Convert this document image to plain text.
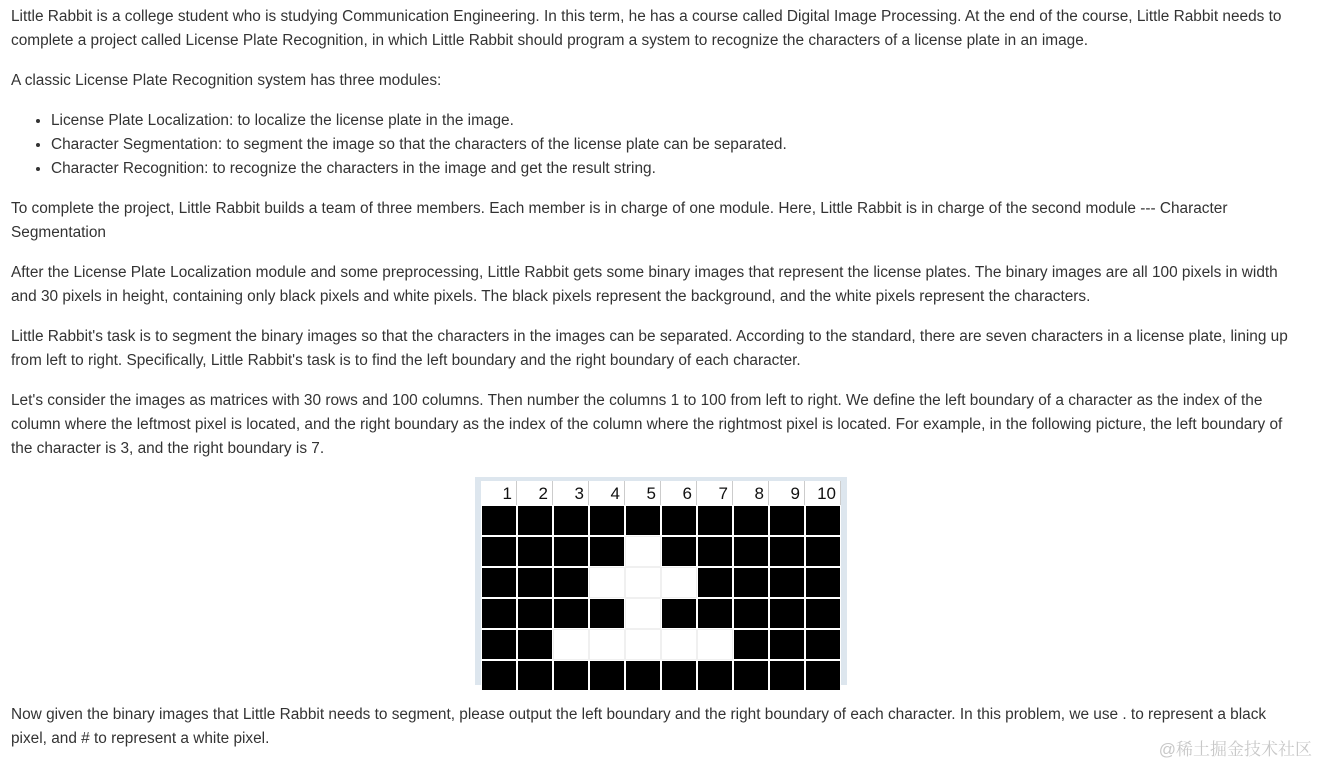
Little Rabbit is a college student who is studying Communication Engineering. In this term, he has a course called Digital Image Processing. At the end of the course, Little Rabbit needs to complete a project called License Plate Recognition, in which Little Rabbit should program a system to recognize the characters of a license plate in an image.

A classic License Plate Recognition system has three modules:

• License Plate Localization: to localize the license plate in the image.
• Character Segmentation: to segment the image so that the characters of the license plate can be separated.
• Character Recognition: to recognize the characters in the image and get the result string.

To complete the project, Little Rabbit builds a team of three members. Each member is in charge of one module. Here, Little Rabbit is in charge of the second module --- Character Segmentation

After the License Plate Localization module and some preprocessing, Little Rabbit gets some binary images that represent the license plates. The binary images are all 100 pixels in width and 30 pixels in height, containing only black pixels and white pixels. The black pixels represent the background, and the white pixels represent the characters.

Little Rabbit's task is to segment the binary images so that the characters in the images can be separated. According to the standard, there are seven characters in a license plate, lining up from left to right. Specifically, Little Rabbit's task is to find the left boundary and the right boundary of each character.

Let's consider the images as matrices with 30 rows and 100 columns. Then number the columns 1 to 100 from left to right. We define the left boundary of a character as the index of the column where the leftmost pixel is located, and the right boundary as the index of the column where the rightmost pixel is located. For example, in the following picture, the left boundary of the character is 3, and the right boundary is 7.

1	2	3	4	5	6	7	8	9	10

Now given the binary images that Little Rabbit needs to segment, please output the left boundary and the right boundary of each character. In this problem, we use . to represent a black pixel, and # to represent a white pixel.

@稀土掘金技术社区
